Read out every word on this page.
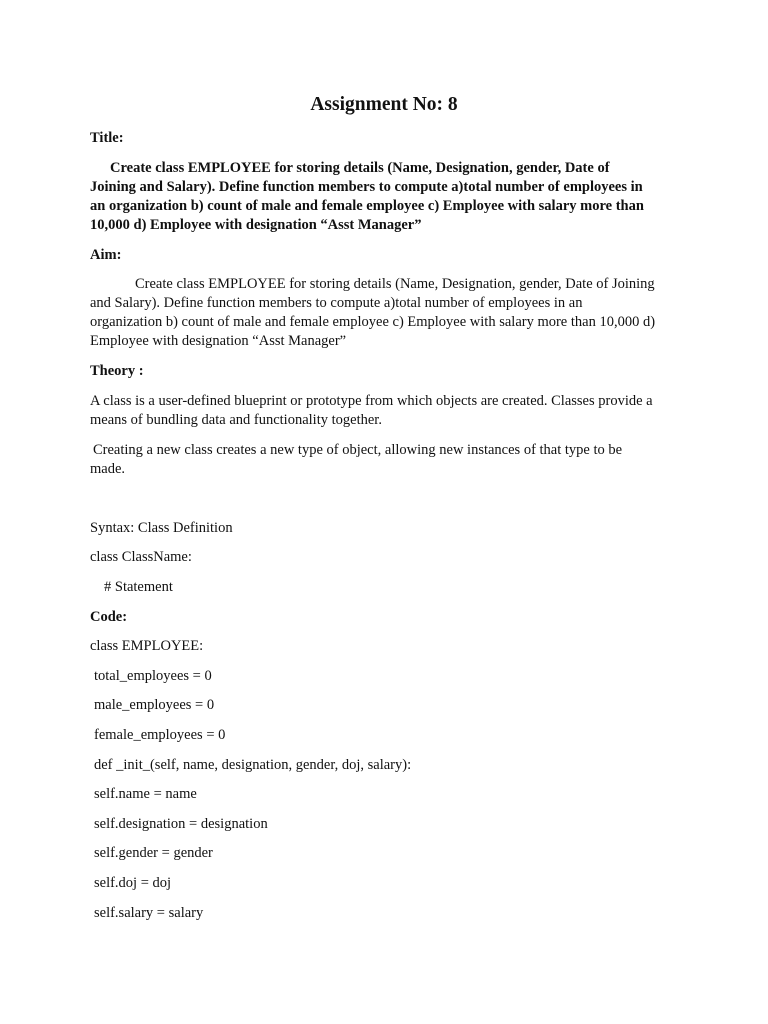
Assignment No: 8

Title:

Create class EMPLOYEE for storing details (Name, Designation, gender, Date of

Joining and Salary). Define function members to compute a)total number of employees in

an organization b) count of male and female employee c) Employee with salary more than

10,000 d) Employee with designation “Asst Manager”

Aim:

Create class EMPLOYEE for storing details (Name, Designation, gender, Date of Joining

and Salary). Define function members to compute a)total number of employees in an

organization b) count of male and female employee c) Employee with salary more than 10,000 d)

Employee with designation “Asst Manager”

Theory :

A class is a user-defined blueprint or prototype from which objects are created. Classes provide a

means of bundling data and functionality together.

Creating a new class creates a new type of object, allowing new instances of that type to be

made.

Syntax: Class Definition

class ClassName:

# Statement

Code:

class EMPLOYEE:

total_employees = 0

male_employees = 0

female_employees = 0

def _init_(self, name, designation, gender, doj, salary):

self.name = name

self.designation = designation

self.gender = gender

self.doj = doj

self.salary = salary
